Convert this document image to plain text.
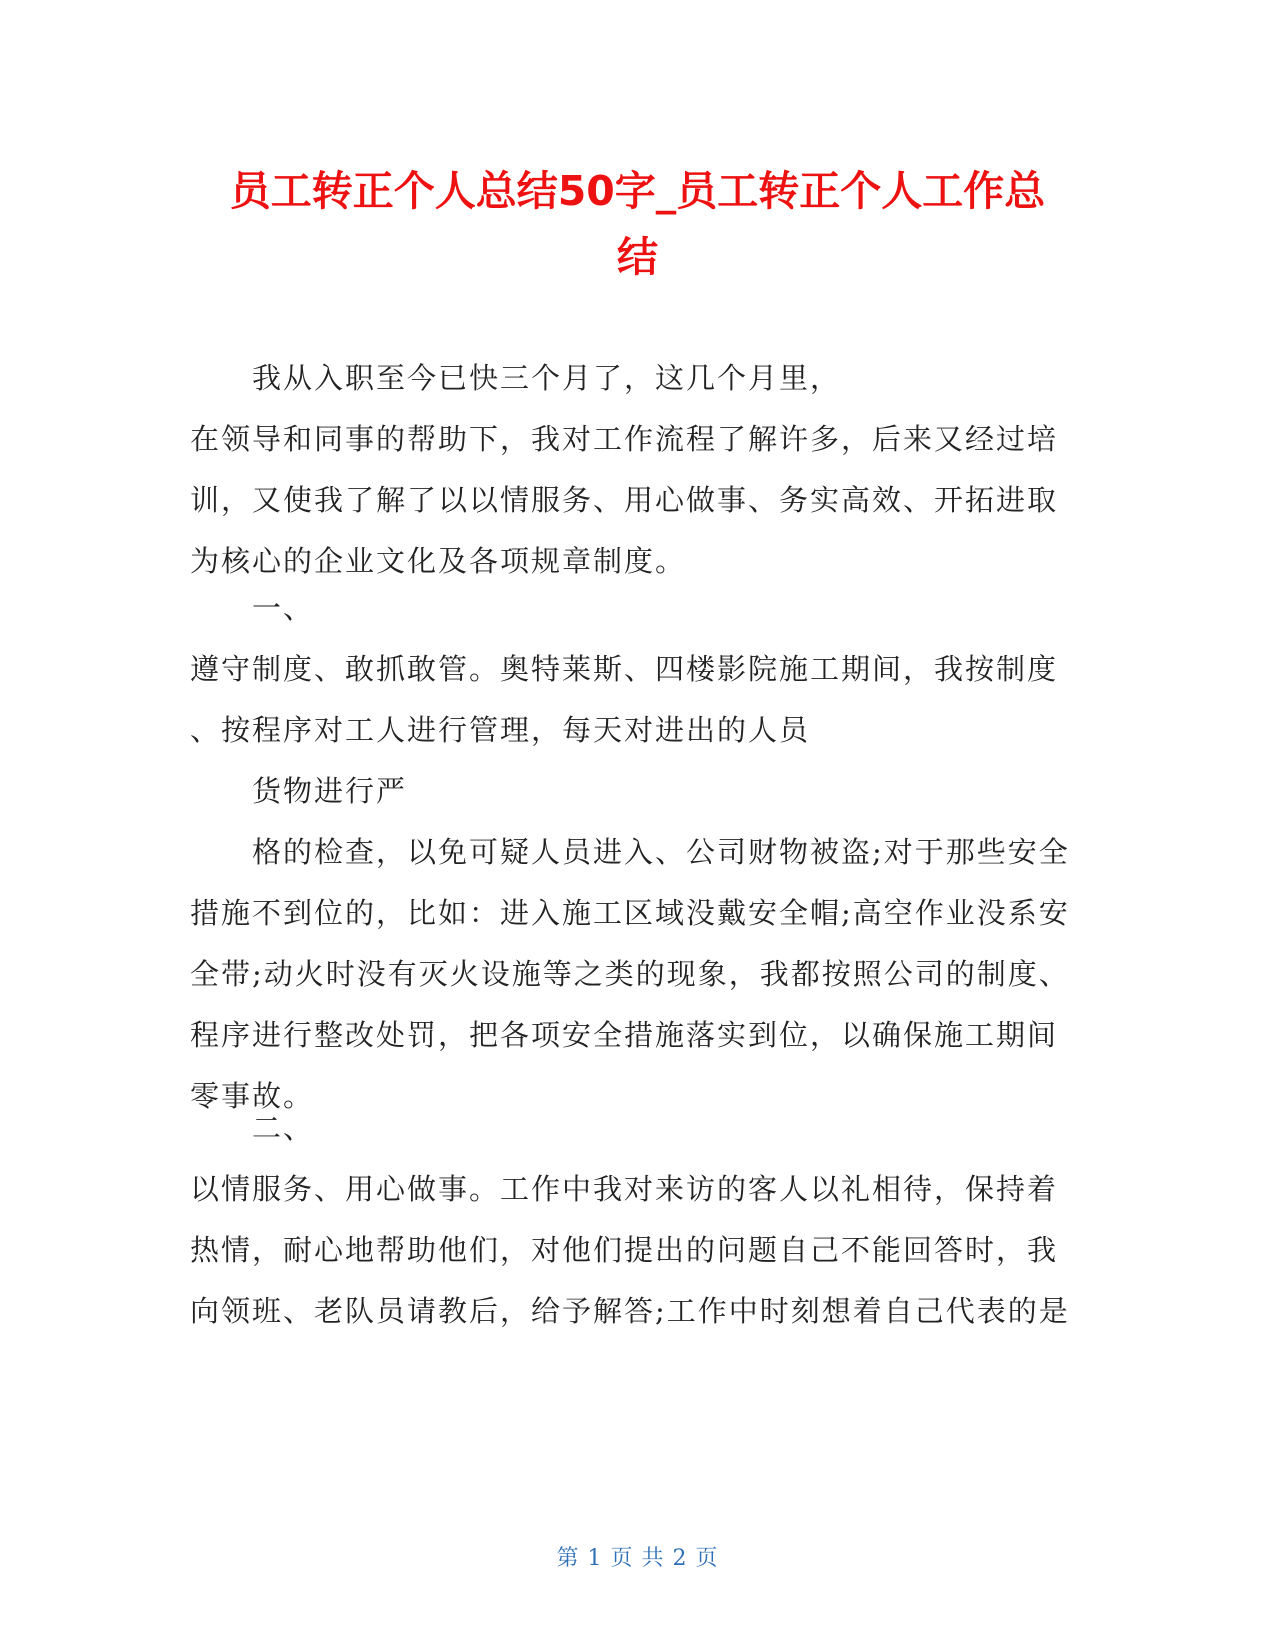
员工转正个人总结50字_员工转正个人工作总
结
我从入职至今已快三个月了，这几个月里，
在领导和同事的帮助下，我对工作流程了解许多，后来又经过培
训，又使我了解了以以情服务、用心做事、务实高效、开拓进取
为核心的企业文化及各项规章制度。
一、
遵守制度、敢抓敢管。奥特莱斯、四楼影院施工期间，我按制度
、按程序对工人进行管理，每天对进出的人员
货物进行严
格的检查，以免可疑人员进入、公司财物被盗;对于那些安全
措施不到位的，比如：进入施工区域没戴安全帽;高空作业没系安
全带;动火时没有灭火设施等之类的现象，我都按照公司的制度、
程序进行整改处罚，把各项安全措施落实到位，以确保施工期间
零事故。
二、
以情服务、用心做事。工作中我对来访的客人以礼相待，保持着
热情，耐心地帮助他们，对他们提出的问题自己不能回答时，我
向领班、老队员请教后，给予解答;工作中时刻想着自己代表的是
第 1 页 共 2 页
